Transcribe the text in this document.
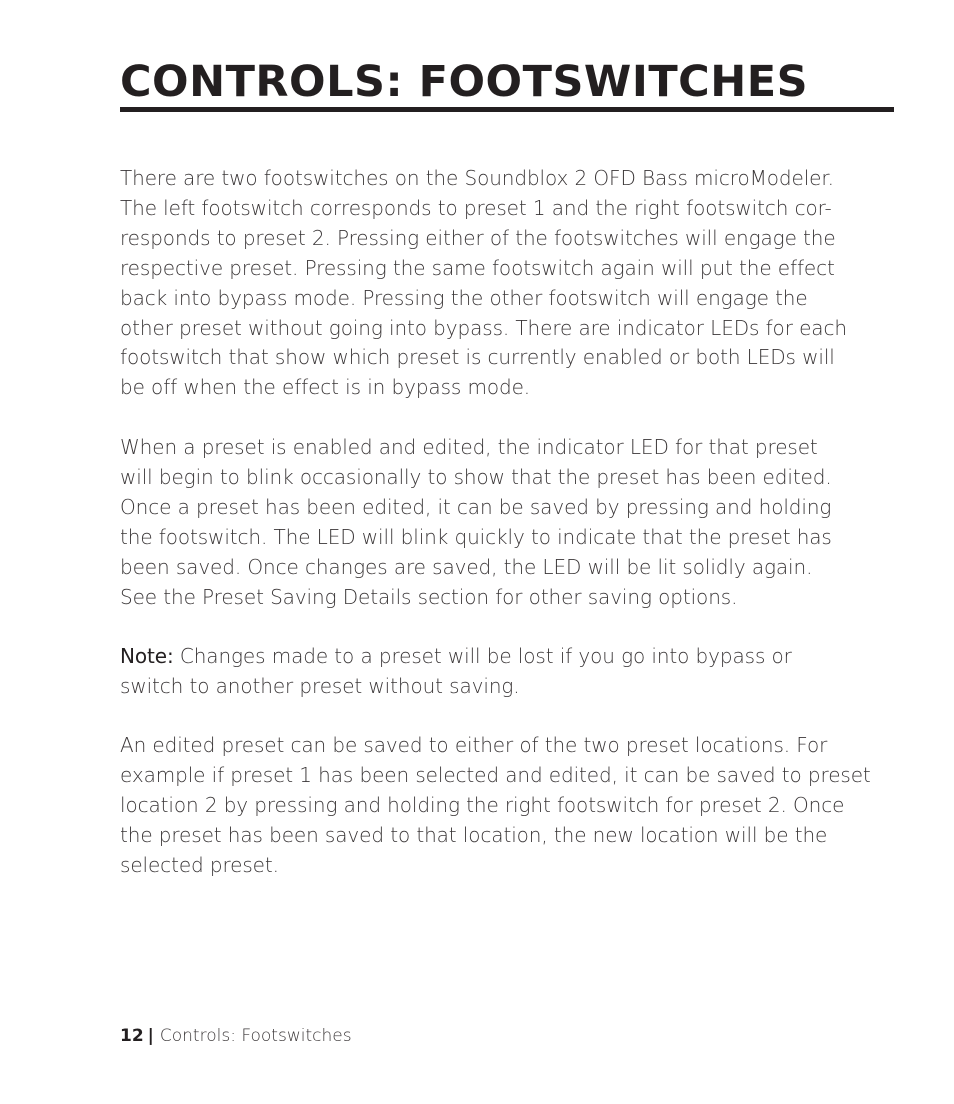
CONTROLS: FOOTSWITCHES

There are two footswitches on the Soundblox 2 OFD Bass microModeler.
The left footswitch corresponds to preset 1 and the right footswitch cor-
responds to preset 2. Pressing either of the footswitches will engage the
respective preset. Pressing the same footswitch again will put the effect
back into bypass mode. Pressing the other footswitch will engage the
other preset without going into bypass. There are indicator LEDs for each
footswitch that show which preset is currently enabled or both LEDs will
be off when the effect is in bypass mode.

When a preset is enabled and edited, the indicator LED for that preset
will begin to blink occasionally to show that the preset has been edited.
Once a preset has been edited, it can be saved by pressing and holding
the footswitch. The LED will blink quickly to indicate that the preset has
been saved. Once changes are saved, the LED will be lit solidly again.
See the Preset Saving Details section for other saving options.

Note: Changes made to a preset will be lost if you go into bypass or
switch to another preset without saving.

An edited preset can be saved to either of the two preset locations. For
example if preset 1 has been selected and edited, it can be saved to preset
location 2 by pressing and holding the right footswitch for preset 2. Once
the preset has been saved to that location, the new location will be the
selected preset.

12 | Controls: Footswitches
